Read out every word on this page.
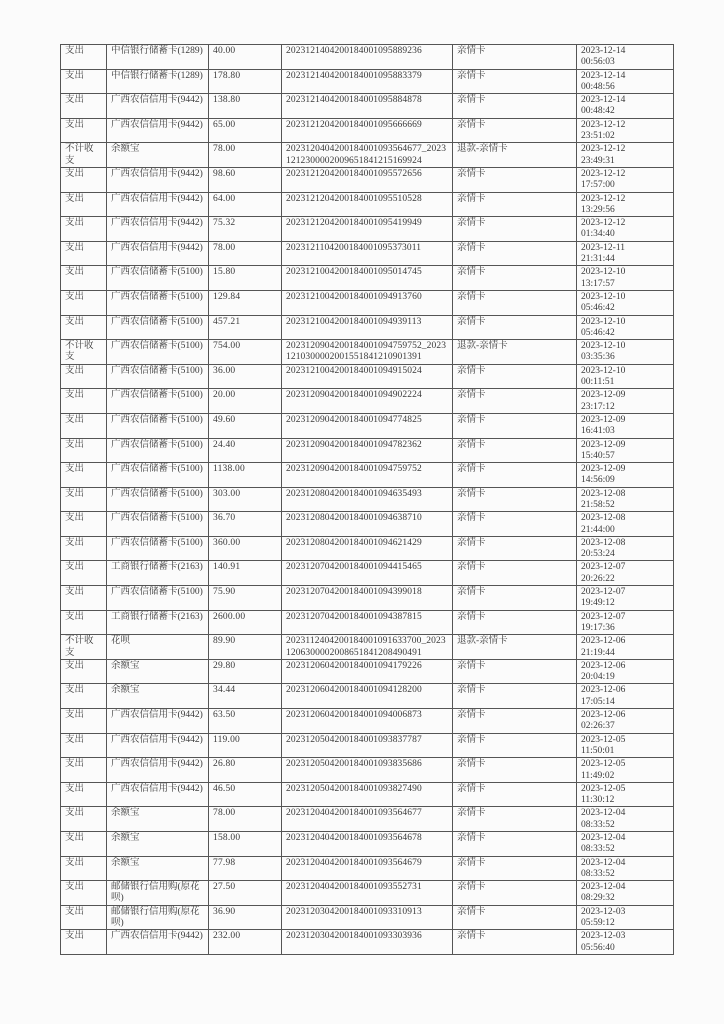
支出	中信银行储蓄卡(1289)	40.00	2023121404200184001095889236	亲情卡	2023-12-14
00:56:03

支出	中信银行储蓄卡(1289)	178.80	2023121404200184001095883379	亲情卡	2023-12-14
00:48:56

支出	广西农信信用卡(9442)	138.80	2023121404200184001095884878	亲情卡	2023-12-14
00:48:42

支出	广西农信信用卡(9442)	65.00	2023121204200184001095666669	亲情卡	2023-12-12
23:51:02

不计收支	余额宝	78.00	2023120404200184001093564677_20231212300002009651841215169924	退款-亲情卡	2023-12-12
23:49:31

支出	广西农信信用卡(9442)	98.60	2023121204200184001095572656	亲情卡	2023-12-12
17:57:00

支出	广西农信信用卡(9442)	64.00	2023121204200184001095510528	亲情卡	2023-12-12
13:29:56

支出	广西农信信用卡(9442)	75.32	2023121204200184001095419949	亲情卡	2023-12-12
01:34:40

支出	广西农信信用卡(9442)	78.00	2023121104200184001095373011	亲情卡	2023-12-11
21:31:44

支出	广西农信储蓄卡(5100)	15.80	2023121004200184001095014745	亲情卡	2023-12-10
13:17:57

支出	广西农信储蓄卡(5100)	129.84	2023121004200184001094913760	亲情卡	2023-12-10
05:46:42

支出	广西农信储蓄卡(5100)	457.21	2023121004200184001094939113	亲情卡	2023-12-10
05:46:42

不计收支	广西农信储蓄卡(5100)	754.00	2023120904200184001094759752_20231210300002001551841210901391	退款-亲情卡	2023-12-10
03:35:36

支出	广西农信储蓄卡(5100)	36.00	2023121004200184001094915024	亲情卡	2023-12-10
00:11:51

支出	广西农信储蓄卡(5100)	20.00	2023120904200184001094902224	亲情卡	2023-12-09
23:17:12

支出	广西农信储蓄卡(5100)	49.60	2023120904200184001094774825	亲情卡	2023-12-09
16:41:03

支出	广西农信储蓄卡(5100)	24.40	2023120904200184001094782362	亲情卡	2023-12-09
15:40:57

支出	广西农信储蓄卡(5100)	1138.00	2023120904200184001094759752	亲情卡	2023-12-09
14:56:09

支出	广西农信储蓄卡(5100)	303.00	2023120804200184001094635493	亲情卡	2023-12-08
21:58:52

支出	广西农信储蓄卡(5100)	36.70	2023120804200184001094638710	亲情卡	2023-12-08
21:44:00

支出	广西农信储蓄卡(5100)	360.00	2023120804200184001094621429	亲情卡	2023-12-08
20:53:24

支出	工商银行储蓄卡(2163)	140.91	2023120704200184001094415465	亲情卡	2023-12-07
20:26:22

支出	广西农信储蓄卡(5100)	75.90	2023120704200184001094399018	亲情卡	2023-12-07
19:49:12

支出	工商银行储蓄卡(2163)	2600.00	2023120704200184001094387815	亲情卡	2023-12-07
19:17:36

不计收支	花呗	89.90	2023112404200184001091633700_20231206300002008651841208490491	退款-亲情卡	2023-12-06
21:19:44

支出	余额宝	29.80	2023120604200184001094179226	亲情卡	2023-12-06
20:04:19

支出	余额宝	34.44	2023120604200184001094128200	亲情卡	2023-12-06
17:05:14

支出	广西农信信用卡(9442)	63.50	2023120604200184001094006873	亲情卡	2023-12-06
02:26:37

支出	广西农信信用卡(9442)	119.00	2023120504200184001093837787	亲情卡	2023-12-05
11:50:01

支出	广西农信信用卡(9442)	26.80	2023120504200184001093835686	亲情卡	2023-12-05
11:49:02

支出	广西农信信用卡(9442)	46.50	2023120504200184001093827490	亲情卡	2023-12-05
11:30:12

支出	余额宝	78.00	2023120404200184001093564677	亲情卡	2023-12-04
08:33:52

支出	余额宝	158.00	2023120404200184001093564678	亲情卡	2023-12-04
08:33:52

支出	余额宝	77.98	2023120404200184001093564679	亲情卡	2023-12-04
08:33:52

支出	邮储银行信用购(原花呗)	27.50	2023120404200184001093552731	亲情卡	2023-12-04
08:29:32

支出	邮储银行信用购(原花呗)	36.90	2023120304200184001093310913	亲情卡	2023-12-03
05:59:12

支出	广西农信信用卡(9442)	232.00	2023120304200184001093303936	亲情卡	2023-12-03
05:56:40
